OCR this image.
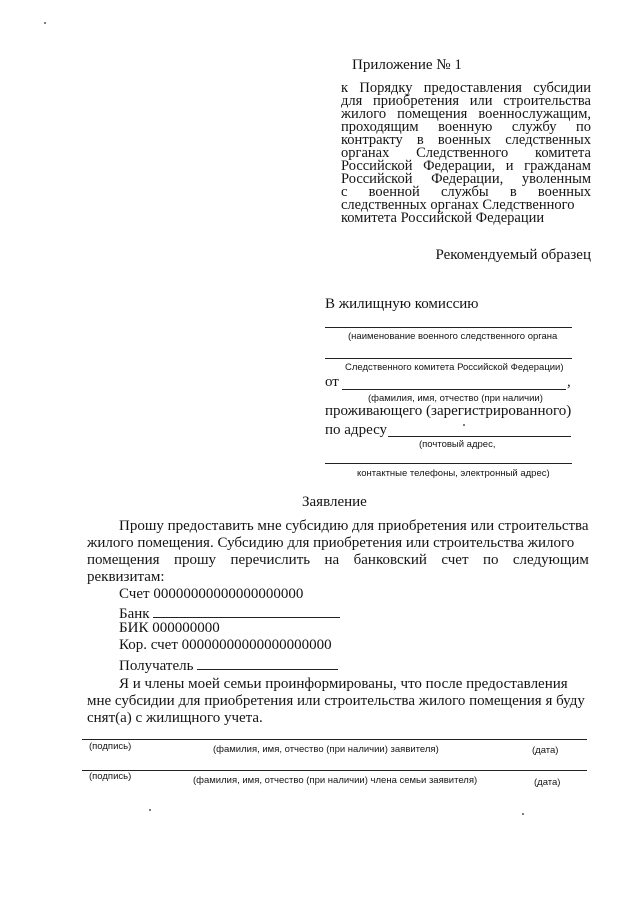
Приложение № 1
к Порядку предоставления субсидии
для приобретения или строительства
жилого помещения военнослужащим,
проходящим военную службу по
контракту в военных следственных
органах Следственного комитета
Российской Федерации, и гражданам
Российской Федерации, уволенным
с военной службы в военных
следственных органах Следственного
комитета Российской Федерации
Рекомендуемый образец
В жилищную комиссию
(наименование военного следственного органа
Следственного комитета Российской Федерации)
от	,
(фамилия, имя, отчество (при наличии)
проживающего (зарегистрированного)
по адресу
(почтовый адрес,
контактные телефоны, электронный адрес)
Заявление
Прошу предоставить мне субсидию для приобретения или строительства
жилого помещения. Субсидию для приобретения или строительства жилого
помещения прошу перечислить на банковский счет по следующим
реквизитам:
Счет 00000000000000000000
Банк
БИК 000000000
Кор. счет 00000000000000000000
Получатель
Я и члены моей семьи проинформированы, что после предоставления
мне субсидии для приобретения или строительства жилого помещения я буду
снят(а) с жилищного учета.
(подпись)	(фамилия, имя, отчество (при наличии) заявителя)	(дата)
(подпись)	(фамилия, имя, отчество (при наличии) члена семьи заявителя)	(дата)
